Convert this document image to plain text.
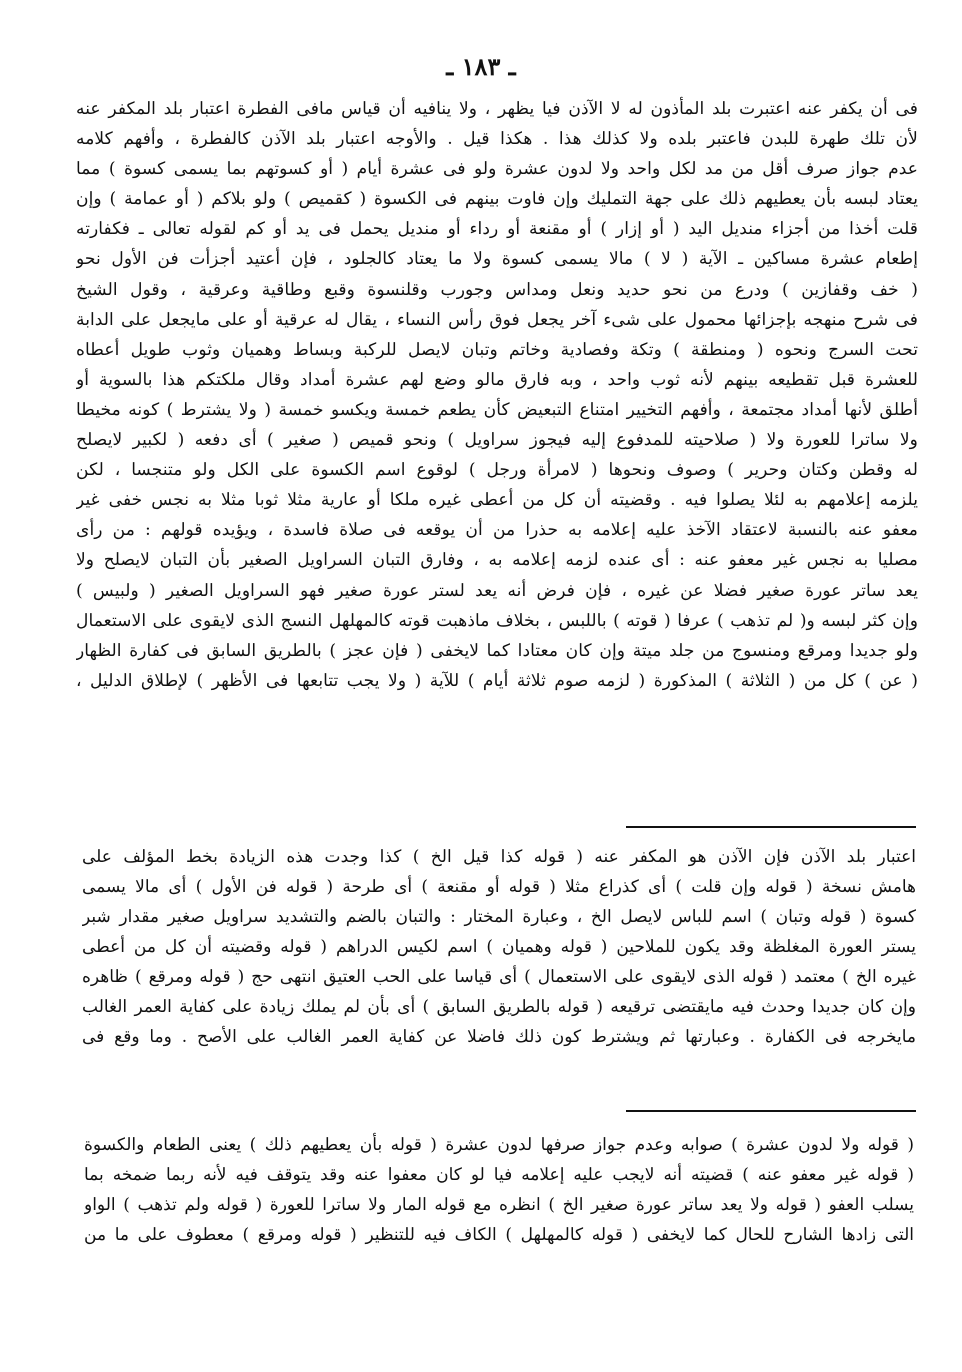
ـ ١٨٣ ـ
فى أن يكفر عنه اعتبرت بلد المأذون له لا الآذن فيا يظهر ، ولا ينافيه أن قياس مافى الفطرة اعتبار بلد المكفر عنه
لأن تلك طهرة للبدن فاعتبر بلده ولا كذلك هذا . هكذا قيل . والأوجه اعتبار بلد الآذن كالفطرة ، وأفهم كلامه
عدم جواز صرف أقل من مد لكل واحد ولا لدون عشرة ولو فى عشرة أيام ( أو كسوتهم بما يسمى كسوة ) مما
يعتاد لبسه بأن يعطيهم ذلك على جهة التمليك وإن فاوت بينهم فى الكسوة ( كقميص ) ولو بلاكم ( أو عمامة ) وإن
قلت أخذا من أجزاء منديل اليد ( أو إزار ) أو مقنعة أو رداء أو منديل يحمل فى يد أو كم لقوله تعالى ـ فكفارته
إطعام عشرة مساكين ـ الآية ( لا ) مالا يسمى كسوة ولا ما يعتاد كالجلود ، فإن أعتيد أجزأت فن الأول نحو
( خف وقفازين ) ودرع من نحو حديد ونعل ومداس وجورب وقلنسوة وقبع وطاقية وعرقية ، وقول الشيخ
فى شرح منهجه بإجزائها محمول على شىء آخر يجعل فوق رأس النساء ، يقال له عرقية أو على مايجعل على الدابة
تحت السرج ونحوه ( ومنطقة ) وتكة وفصادية وخاتم وتبان لايصل للركبة وبساط وهميان وثوب طويل أعطاه
للعشرة قبل تقطيعه بينهم لأنه ثوب واحد ، وبه فارق مالو وضع لهم عشرة أمداد وقال ملكتكم هذا بالسوية أو
أطلق لأنها أمداد مجتمعة ، وأفهم التخيير امتناع التبعيض كأن يطعم خمسة ويكسو خمسة ( ولا يشترط ) كونه مخيطا
ولا ساترا للعورة ولا ( صلاحيته للمدفوع إليه فيجوز سراويل ) ونحو قميص ( صغير ) أى دفعه ( لكبير لايصلح
له وقطن وكتان وحرير ) وصوف ونحوها ( لامرأة ورجل ) لوقوع اسم الكسوة على الكل ولو متنجسا ، لكن
يلزمه إعلامهم به لئلا يصلوا فيه . وقضيته أن كل من أعطى غيره ملكا أو عارية مثلا ثوبا مثلا به نجس خفى غير
معفو عنه بالنسبة لاعتقاد الآخذ عليه إعلامه به حذرا من أن يوقعه فى صلاة فاسدة ، ويؤيده قولهم : من رأى
مصليا به نجس غير معفو عنه : أى عنده لزمه إعلامه به ، وفارق التبان السراويل الصغير بأن التبان لايصلح ولا
يعد ساتر عورة صغير فضلا عن غيره ، فإن فرض أنه يعد لستر عورة صغير فهو السراويل الصغير ( ولبيس )
وإن كثر لبسه و( لم تذهب ) عرفا ( قوته ) باللبس ، بخلاف ماذهبت قوته كالمهلهل النسج الذى لايقوى على الاستعمال
ولو جديدا ومرقع ومنسوج من جلد ميتة وإن كان معتادا كما لايخفى ( فإن عجز ) بالطريق السابق فى كفارة الظهار
( عن ) كل من ( الثلاثة ) المذكورة ( لزمه صوم ثلاثة أيام ) للآية ( ولا يجب تتابعها فى الأظهر ) لإطلاق الدليل ،
اعتبار بلد الآذن فإن الآذن هو المكفر عنه ( قوله كذا قيل الخ ) كذا وجدت هذه الزيادة بخط المؤلف على
هامش نسخة ( قوله وإن قلت ) أى كذراع مثلا ( قوله أو مقنعة ) أى طرحة ( قوله فن الأول ) أى مالا يسمى
كسوة ( قوله وتبان ) اسم للباس لايصل الخ ، وعبارة المختار : والتبان بالضم والتشديد سراويل صغير مقدار شبر
يستر العورة المغلظة وقد يكون للملاحين ( قوله وهميان ) اسم لكيس الدراهم ( قوله وقضيته أن كل من أعطى
غيره الخ ) معتمد ( قوله الذى لايقوى على الاستعمال ) أى قياسا على الحب العتيق انتهى حج ( قوله ومرقع ) ظاهره
وإن كان جديدا وحدث فيه مايقتضى ترقيعه ( قوله بالطريق السابق ) أى بأن لم يملك زيادة على كفاية العمر الغالب
مايخرجه فى الكفارة . وعبارتها ثم ويشترط كون ذلك فاضلا عن كفاية العمر الغالب على الأصح . وما وقع فى
( قوله ولا لدون عشرة ) صوابه وعدم جواز صرفها لدون عشرة ( قوله بأن يعطيهم ذلك ) يعنى الطعام والكسوة
( قوله غير معفو عنه ) قضيته أنه لايجب عليه إعلامه فيا لو كان معفوا عنه وقد يتوقف فيه لأنه ربما ضمخه بما
يسلب العفو ( قوله ولا يعد ساتر عورة صغير الخ ) انظره مع قوله المار ولا ساترا للعورة ( قوله ولم تذهب ) الواو
التى زادها الشارح للحال كما لايخفى ( قوله كالمهلهل ) الكاف فيه للتنظير ( قوله ومرقع ) معطوف على ما من
